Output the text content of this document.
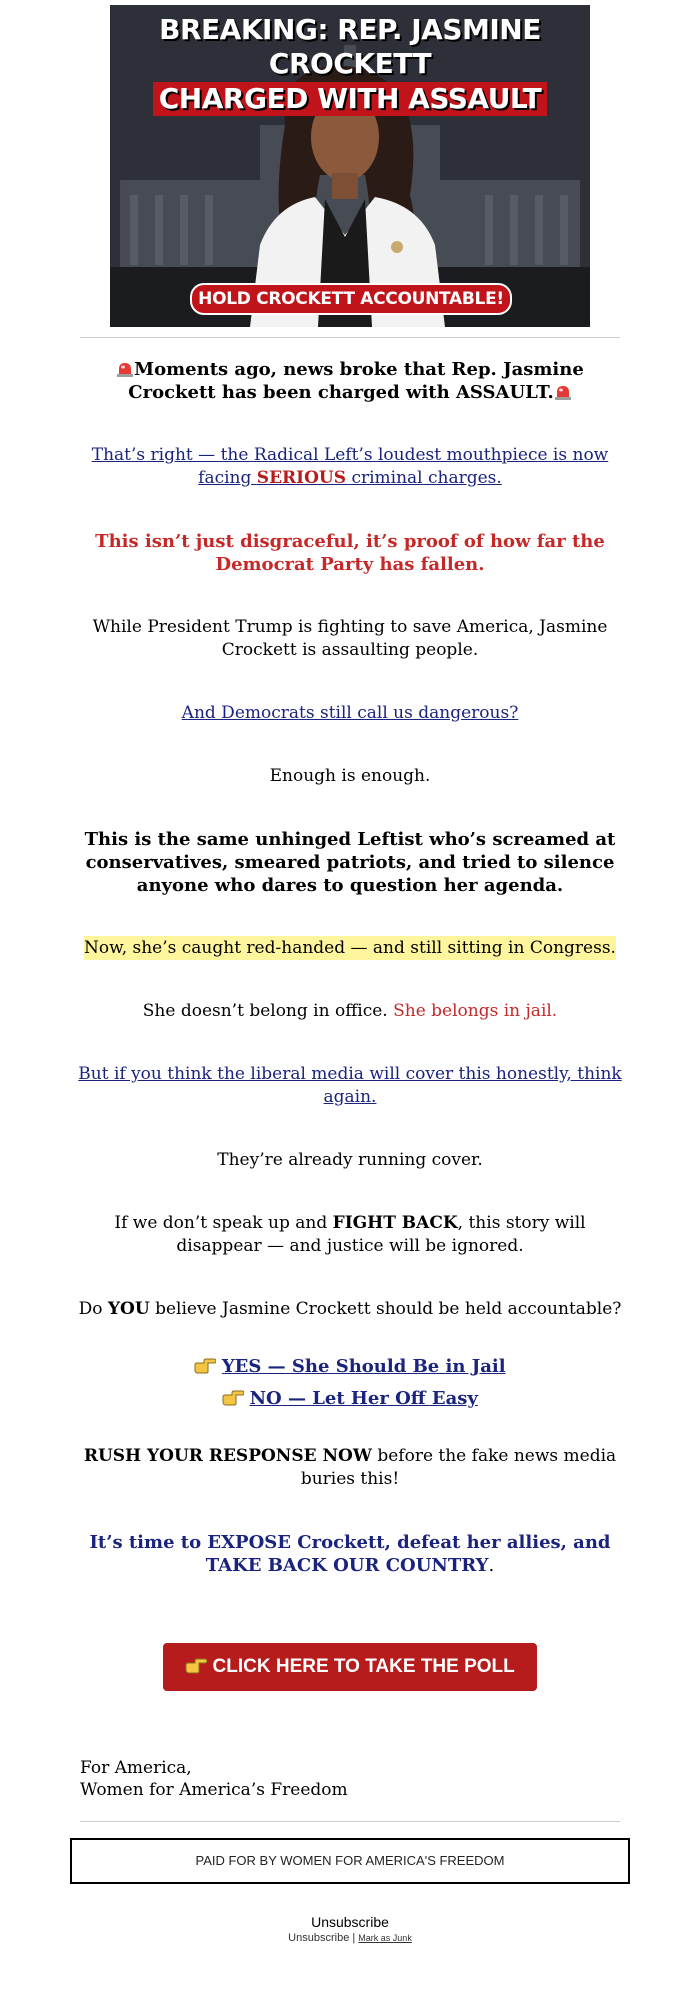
BREAKING: REP. JASMINE CROCKETT
CHARGED WITH ASSAULT
HOLD CROCKETT ACCOUNTABLE!

Moments ago, news broke that Rep. Jasmine Crockett has been charged with ASSAULT.

That’s right — the Radical Left’s loudest mouthpiece is now facing SERIOUS criminal charges.

This isn’t just disgraceful, it’s proof of how far the Democrat Party has fallen.

While President Trump is fighting to save America, Jasmine Crockett is assaulting people.

And Democrats still call us dangerous?

Enough is enough.

This is the same unhinged Leftist who’s screamed at conservatives, smeared patriots, and tried to silence anyone who dares to question her agenda.

Now, she’s caught red-handed — and still sitting in Congress.

She doesn’t belong in office. She belongs in jail.

But if you think the liberal media will cover this honestly, think again.

They’re already running cover.

If we don’t speak up and FIGHT BACK, this story will disappear — and justice will be ignored.

Do YOU believe Jasmine Crockett should be held accountable?

YES — She Should Be in Jail

NO — Let Her Off Easy

RUSH YOUR RESPONSE NOW before the fake news media buries this!

It’s time to EXPOSE Crockett, defeat her allies, and TAKE BACK OUR COUNTRY.

CLICK HERE TO TAKE THE POLL
For America,
Women for America’s Freedom
PAID FOR BY WOMEN FOR AMERICA'S FREEDOM
Unsubscribe
Unsubscribe | Mark as Junk
